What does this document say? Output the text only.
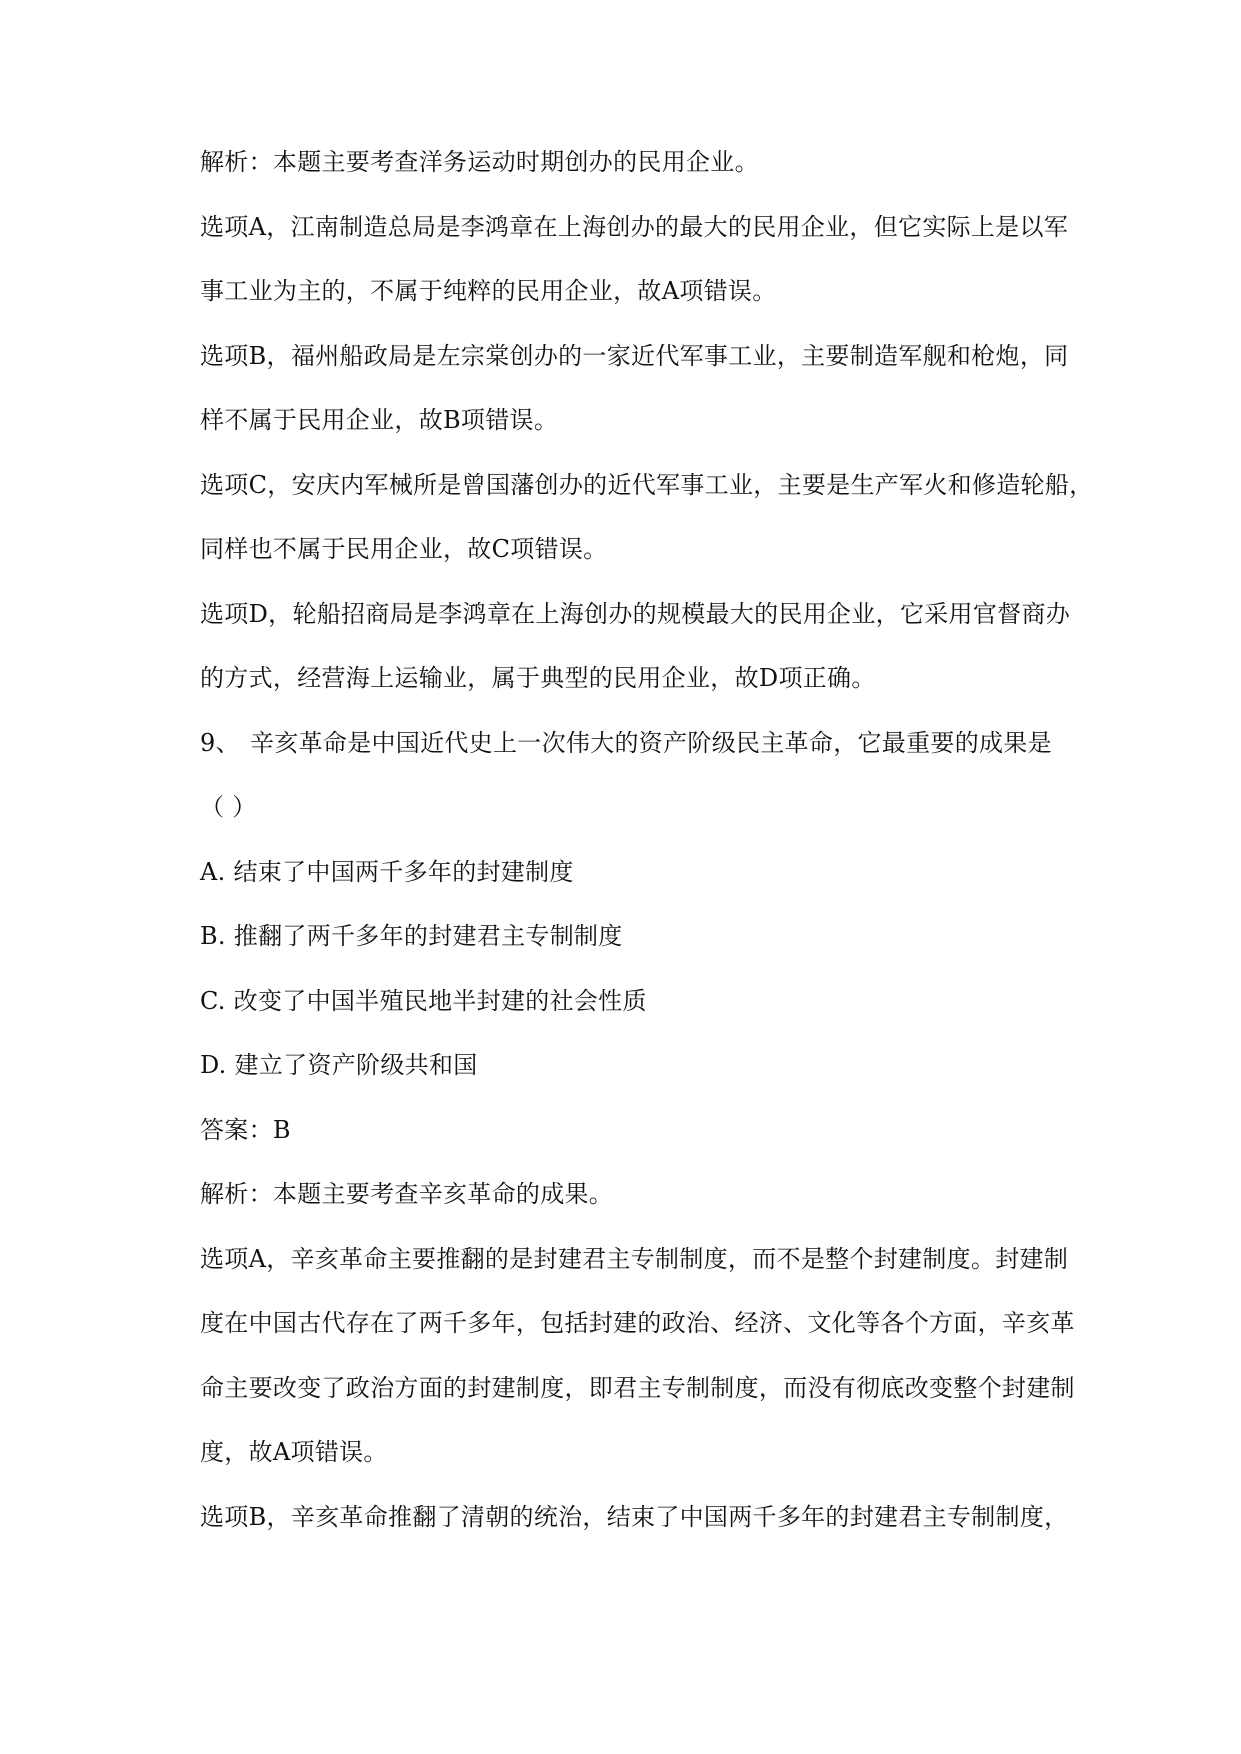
解析：本题主要考查洋务运动时期创办的民用企业。
选项A，江南制造总局是李鸿章在上海创办的最大的民用企业，但它实际上是以军
事工业为主的，不属于纯粹的民用企业，故A项错误。
选项B，福州船政局是左宗棠创办的一家近代军事工业，主要制造军舰和枪炮，同
样不属于民用企业，故B项错误。
选项C，安庆内军械所是曾国藩创办的近代军事工业，主要是生产军火和修造轮船，
同样也不属于民用企业，故C项错误。
选项D，轮船招商局是李鸿章在上海创办的规模最大的民用企业，它采用官督商办
的方式，经营海上运输业，属于典型的民用企业，故D项正确。
9、 辛亥革命是中国近代史上一次伟大的资产阶级民主革命，它最重要的成果是
（ ）
A. 结束了中国两千多年的封建制度
B. 推翻了两千多年的封建君主专制制度
C. 改变了中国半殖民地半封建的社会性质
D. 建立了资产阶级共和国
答案：B
解析：本题主要考查辛亥革命的成果。
选项A，辛亥革命主要推翻的是封建君主专制制度，而不是整个封建制度。封建制
度在中国古代存在了两千多年，包括封建的政治、经济、文化等各个方面，辛亥革
命主要改变了政治方面的封建制度，即君主专制制度，而没有彻底改变整个封建制
度，故A项错误。
选项B，辛亥革命推翻了清朝的统治，结束了中国两千多年的封建君主专制制度，
